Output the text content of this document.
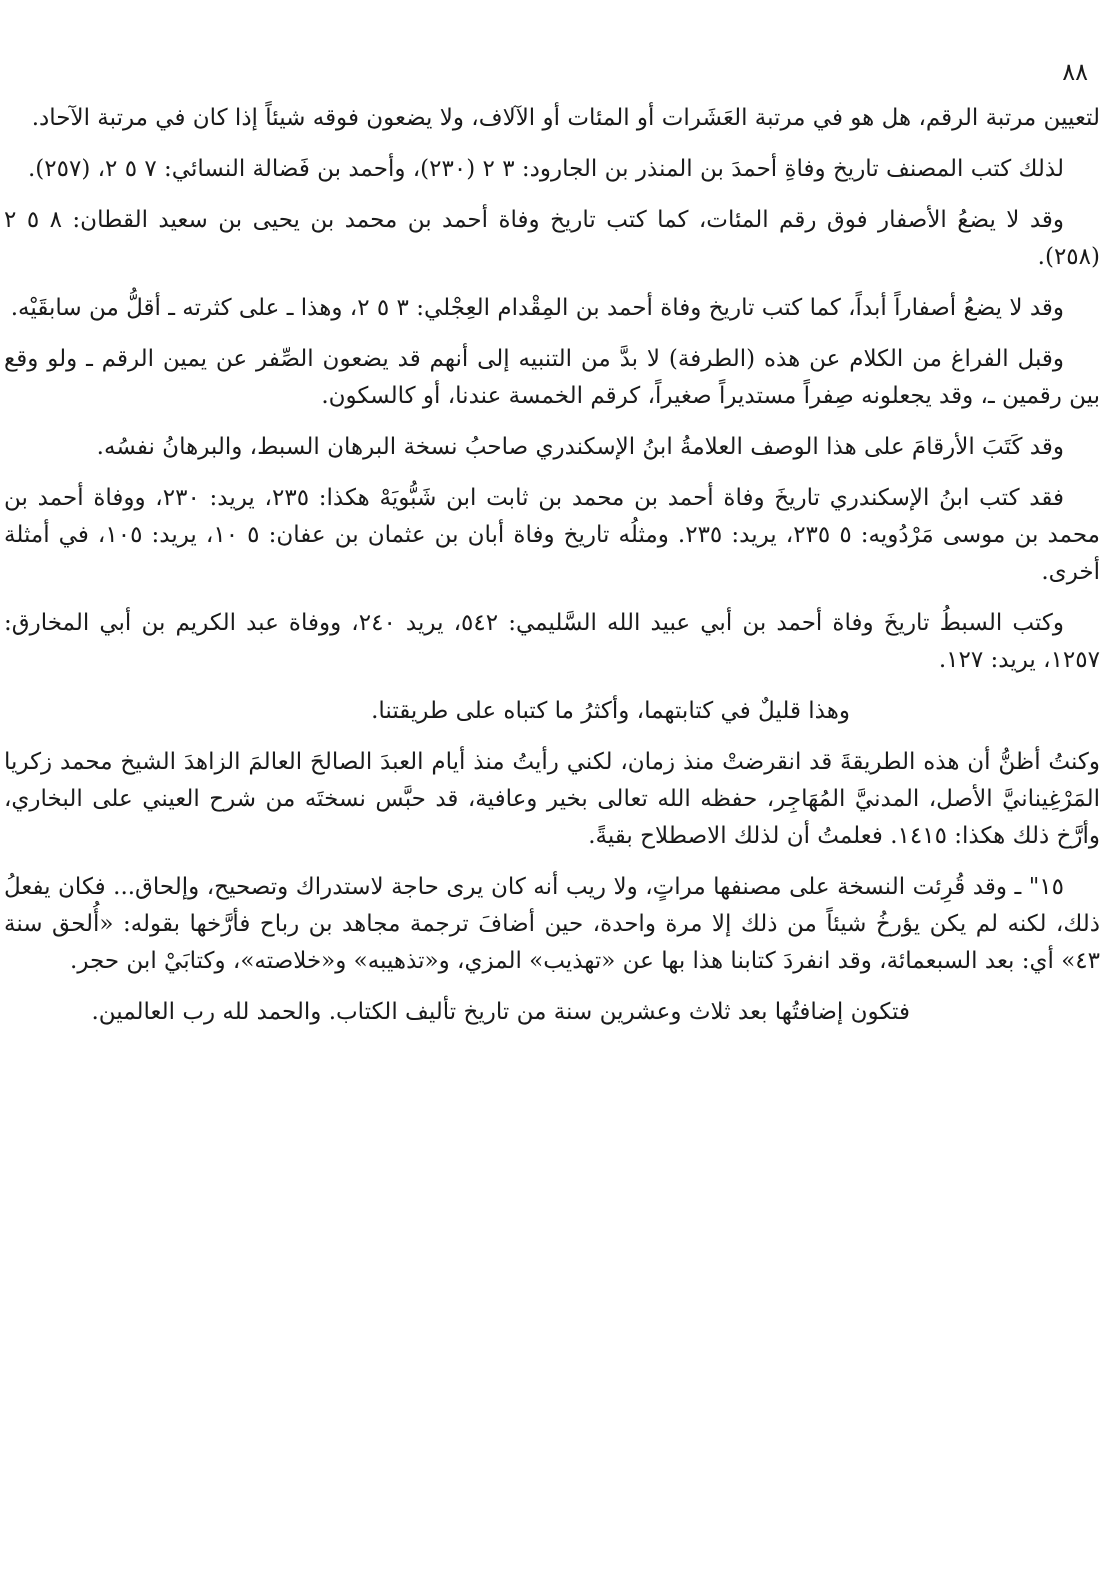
٨٨

لتعيين مرتبة الرقم، هل هو في مرتبة العَشَرات أو المئات أو الآلاف، ولا يضعون فوقه شيئاً إذا كان في مرتبة الآحاد.

لذلك كتب المصنف تاريخ وفاةِ أحمدَ بن المنذر بن الجارود: ٣ ٢ (٢٣٠)، وأحمد بن فَضالة النسائي: ٧ ٥ ٢، (٢٥٧).

وقد لا يضعُ الأصفار فوق رقم المئات، كما كتب تاريخ وفاة أحمد بن محمد بن يحيى بن سعيد القطان: ٨ ٥ ٢ (٢٥٨).

وقد لا يضعُ أصفاراً أبداً، كما كتب تاريخ وفاة أحمد بن المِقْدام العِجْلي: ٣ ٥ ٢، وهذا ـ على كثرته ـ أقلُّ من سابقَيْه.

وقبل الفراغ من الكلام عن هذه (الطرفة) لا بدَّ من التنبيه إلى أنهم قد يضعون الصِّفر عن يمين الرقم ـ ولو وقع بين رقمين ـ، وقد يجعلونه صِفراً مستديراً صغيراً، كرقم الخمسة عندنا، أو كالسكون.

وقد كَتَبَ الأرقامَ على هذا الوصف العلامةُ ابنُ الإسكندري صاحبُ نسخة البرهان السبط، والبرهانُ نفسُه.

فقد كتب ابنُ الإسكندري تاريخَ وفاة أحمد بن محمد بن ثابت ابن شَبُّويَهْ هكذا: ٢٣٥، يريد: ٢٣٠، ووفاة أحمد بن محمد بن موسى مَرْدُويه: ٥ ٢٣٥، يريد: ٢٣٥. ومثلُه تاريخ وفاة أبان بن عثمان بن عفان: ٥ ١٠، يريد: ١٠٥، في أمثلة أخرى.

وكتب السبطُ تاريخَ وفاة أحمد بن أبي عبيد الله السَّليمي: ٥٤٢، يريد ٢٤٠، ووفاة عبد الكريم بن أبي المخارق: ١٢٥٧، يريد: ١٢٧.

وهذا قليلٌ في كتابتهما، وأكثرُ ما كتباه على طريقتنا.

وكنتُ أظنُّ أن هذه الطريقةَ قد انقرضتْ منذ زمان، لكني رأيتُ منذ أيام العبدَ الصالحَ العالمَ الزاهدَ الشيخ محمد زكريا المَرْغِينانيَّ الأصل، المدنيَّ المُهَاجِر، حفظه الله تعالى بخير وعافية، قد حبَّس نسختَه من شرح العيني على البخاري، وأرَّخ ذلك هكذا: ١٤١٥. فعلمتُ أن لذلك الاصطلاح بقيةً.

١٥" ـ وقد قُرِئت النسخة على مصنفها مراتٍ، ولا ريب أنه كان يرى حاجة لاستدراك وتصحيح، وإلحاق... فكان يفعلُ ذلك، لكنه لم يكن يؤرخُ شيئاً من ذلك إلا مرة واحدة، حين أضافَ ترجمة مجاهد بن رباح فأرَّخها بقوله: «أُلحق سنة ٤٣» أي: بعد السبعمائة، وقد انفردَ كتابنا هذا بها عن «تهذيب» المزي، و«تذهيبه» و«خلاصته»، وكتابَيْ ابن حجر.

فتكون إضافتُها بعد ثلاث وعشرين سنة من تاريخ تأليف الكتاب. والحمد لله رب العالمين.
